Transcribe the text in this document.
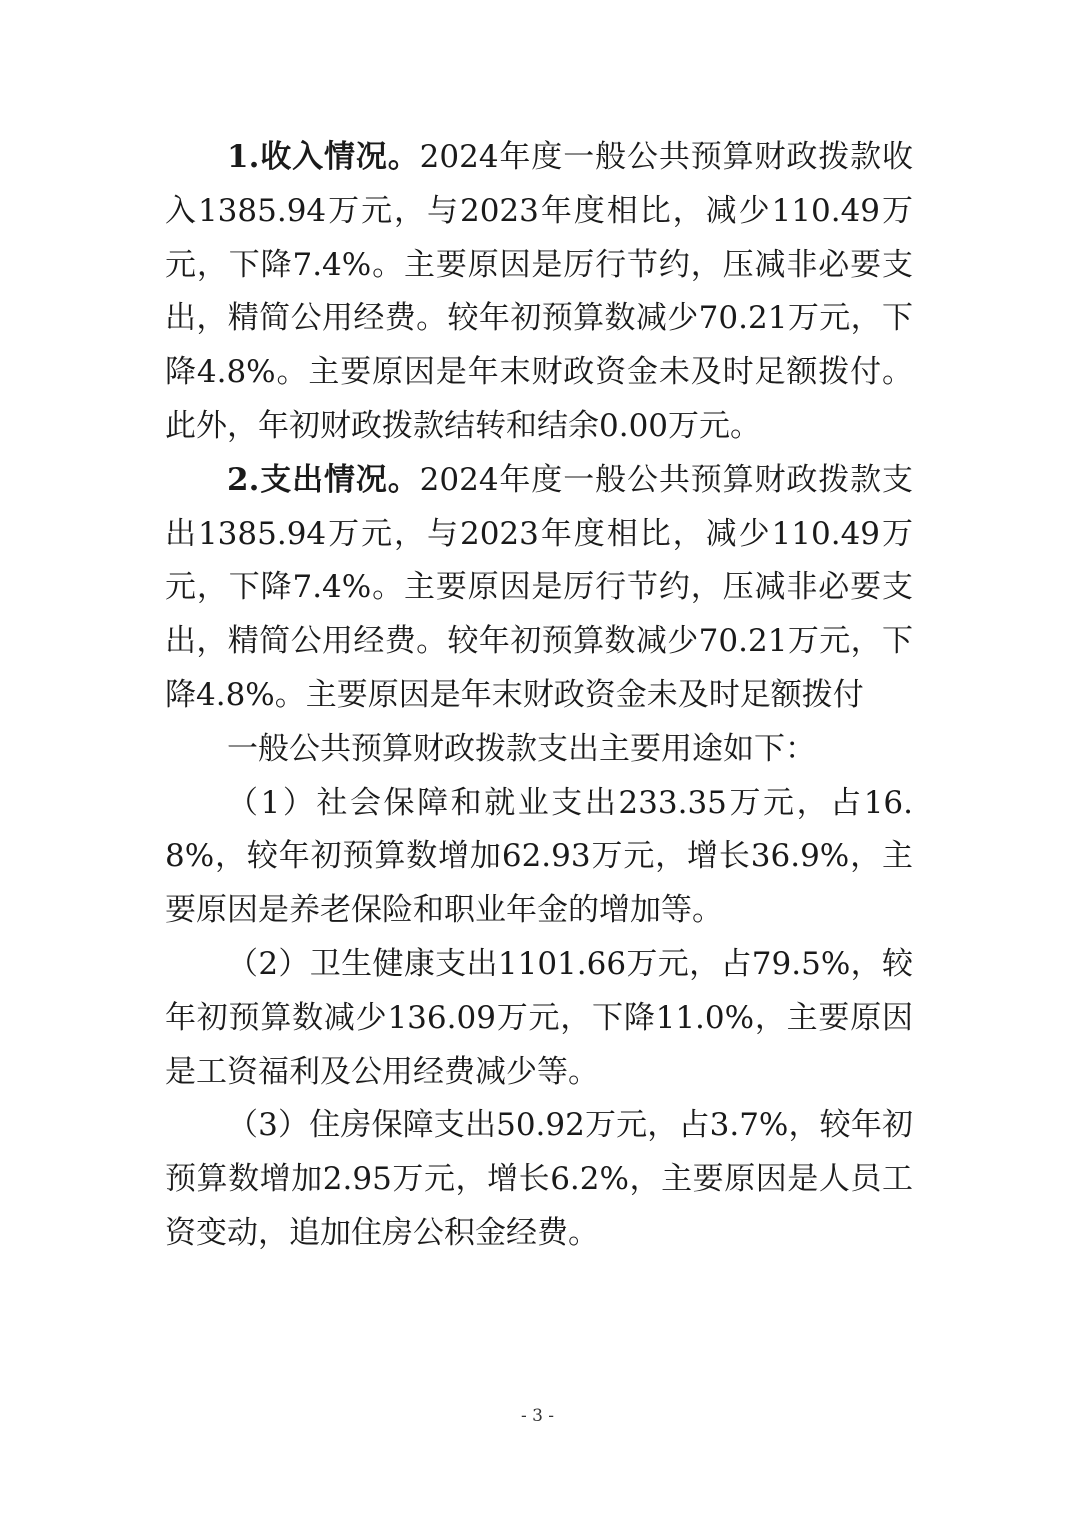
1.收入情况。2024年度一般公共预算财政拨款收入1385.94万元，与2023年度相比，减少110.49万元，下降7.4%。主要原因是厉行节约，压减非必要支出，精简公用经费。较年初预算数减少70.21万元，下降4.8%。主要原因是年末财政资金未及时足额拨付。此外，年初财政拨款结转和结余0.00万元。

2.支出情况。2024年度一般公共预算财政拨款支出1385.94万元，与2023年度相比，减少110.49万元，下降7.4%。主要原因是厉行节约，压减非必要支出，精简公用经费。较年初预算数减少70.21万元，下降4.8%。主要原因是年末财政资金未及时足额拨付

一般公共预算财政拨款支出主要用途如下：

（1）社会保障和就业支出233.35万元，占16.8%，较年初预算数增加62.93万元，增长36.9%，主要原因是养老保险和职业年金的增加等。

（2）卫生健康支出1101.66万元，占79.5%，较年初预算数减少136.09万元，下降11.0%，主要原因是工资福利及公用经费减少等。

（3）住房保障支出50.92万元，占3.7%，较年初预算数增加2.95万元，增长6.2%，主要原因是人员工资变动，追加住房公积金经费。

- 3 -
